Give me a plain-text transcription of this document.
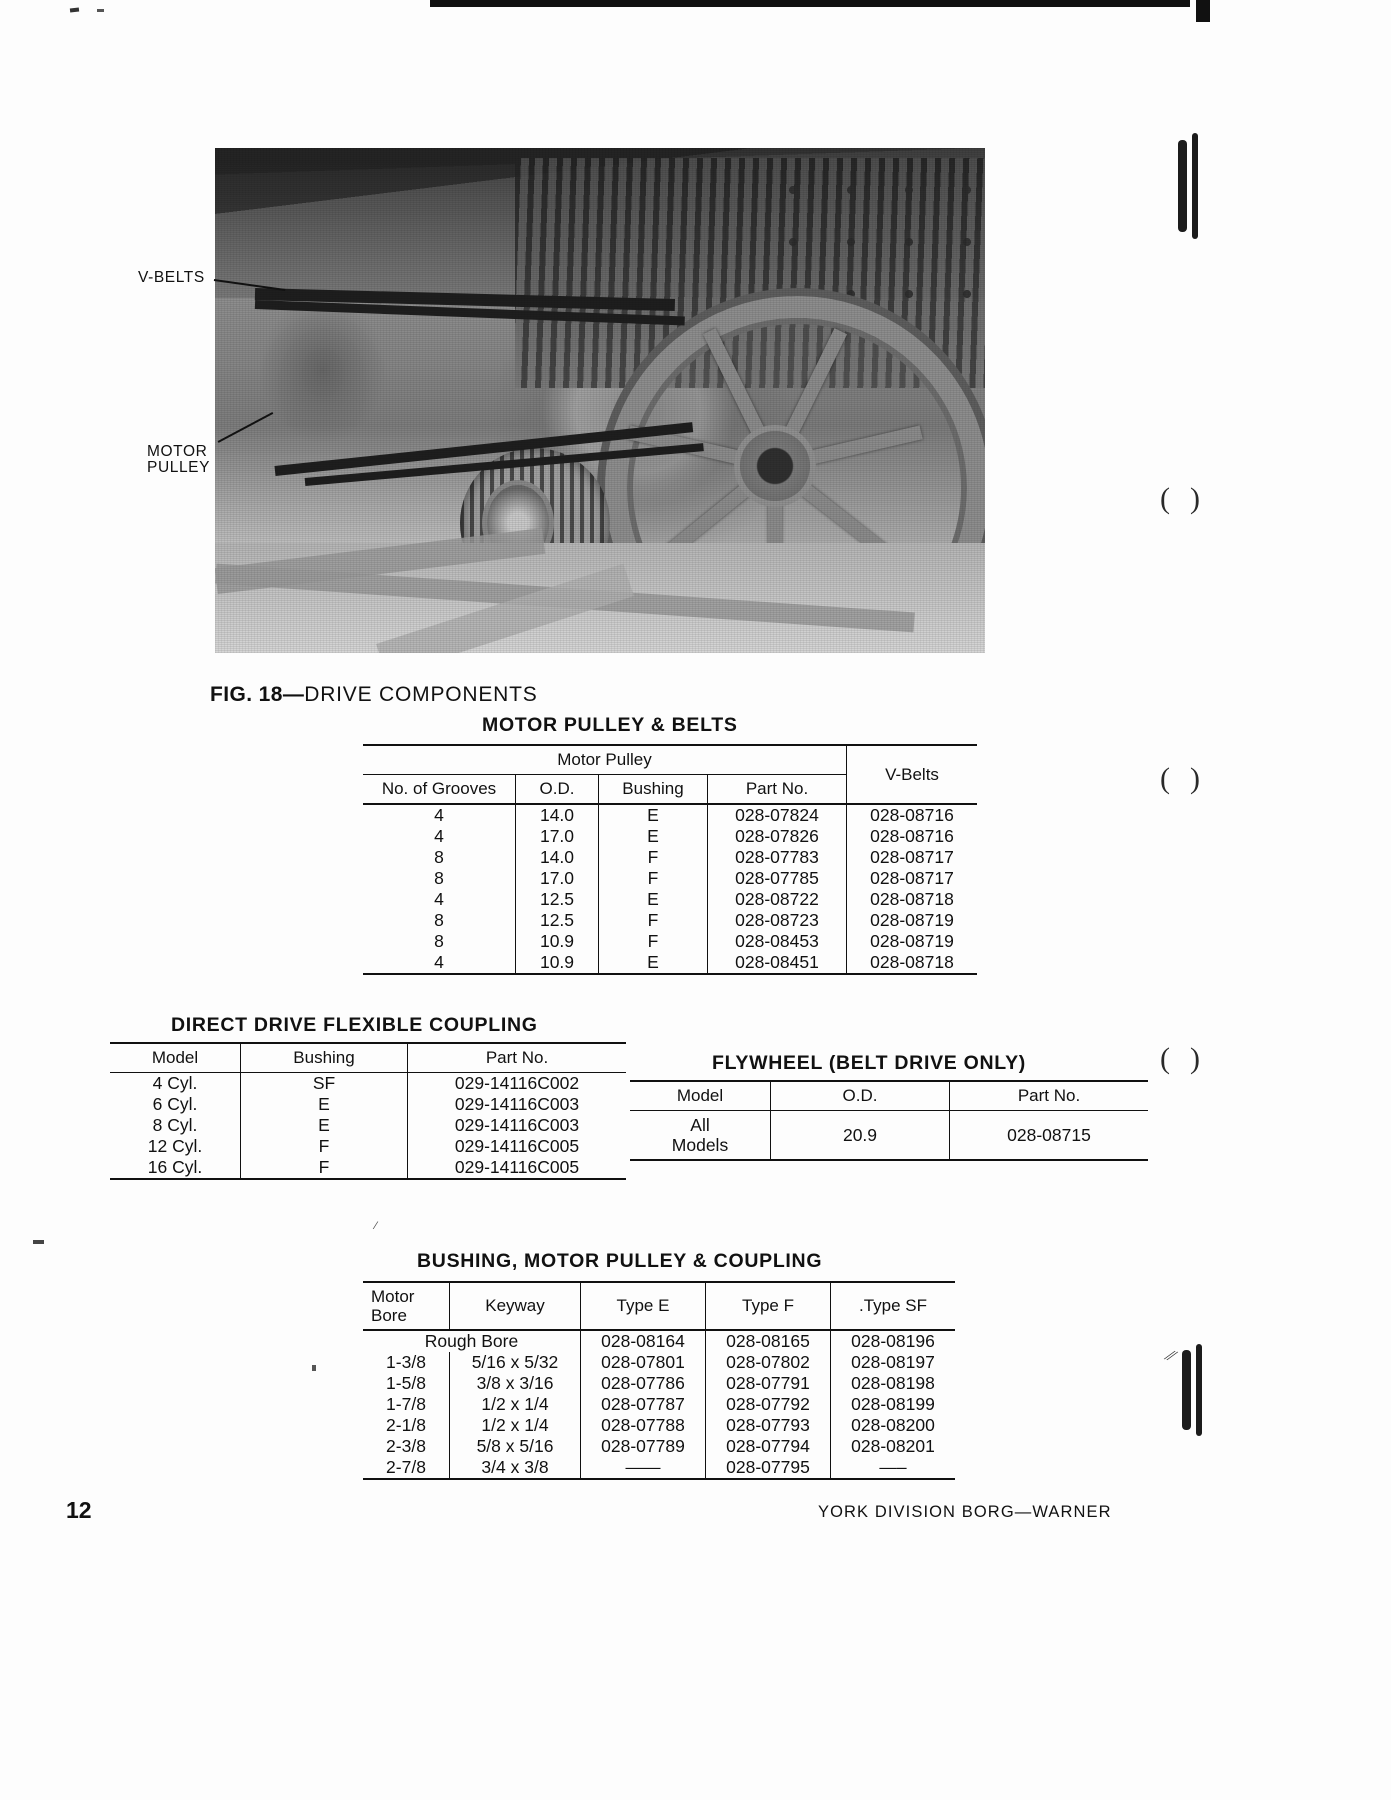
⁄
( )
( )
( )
⁄⁄
V-BELTS
MOTOR
PULLEY
FIG. 18—DRIVE COMPONENTS
MOTOR PULLEY & BELTS
Motor Pulley				V-Belts
No. of Grooves	O.D.	Bushing	Part No.	
4	14.0	E	028-07824	028-08716
4	17.0	E	028-07826	028-08716
8	14.0	F	028-07783	028-08717
8	17.0	F	028-07785	028-08717
4	12.5	E	028-08722	028-08718
8	12.5	F	028-08723	028-08719
8	10.9	F	028-08453	028-08719
4	10.9	E	028-08451	028-08718
DIRECT DRIVE FLEXIBLE COUPLING
Model	Bushing	Part No.
4 Cyl.	SF	029-14116C002
6 Cyl.	E	029-14116C003
8 Cyl.	E	029-14116C003
12 Cyl.	F	029-14116C005
16 Cyl.	F	029-14116C005
FLYWHEEL (BELT DRIVE ONLY)
Model	O.D.	Part No.

All
Models	20.9	028-08715
BUSHING, MOTOR PULLEY & COUPLING
Motor
Bore	Keyway	Type E	Type F	.Type SF
Rough Bore		028-08164	028-08165	028-08196
1-3/8	5/16 x 5/32	028-07801	028-07802	028-08197
1-5/8	3/8 x 3/16	028-07786	028-07791	028-08198
1-7/8	1/2 x 1/4	028-07787	028-07792	028-08199
2-1/8	1/2 x 1/4	028-07788	028-07793	028-08200
2-3/8	5/8 x 5/16	028-07789	028-07794	028-08201
2-7/8	3/4 x 3/8	——	028-07795	—–
12	YORK DIVISION BORG—WARNER
